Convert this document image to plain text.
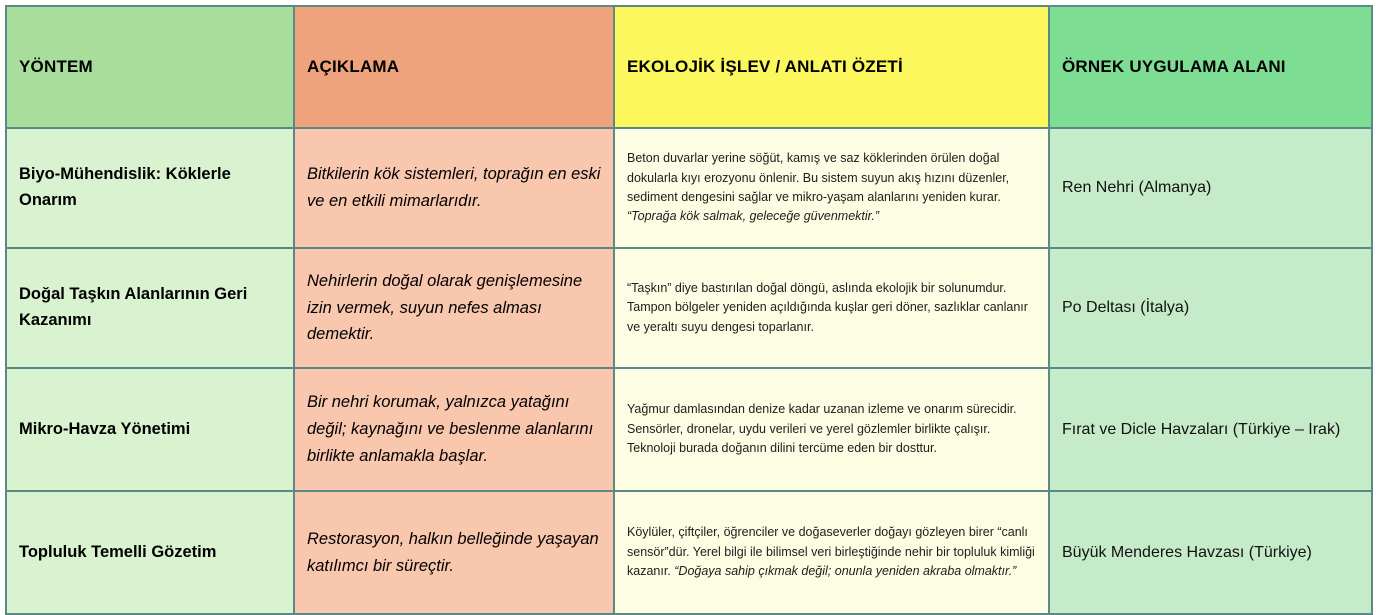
YÖNTEM	AÇIKLAMA	EKOLOJİK İŞLEV / ANLATI ÖZETİ	ÖRNEK UYGULAMA ALANI
Biyo-Mühendislik: Köklerle Onarım	Bitkilerin kök sistemleri, toprağın en eski ve en etkili mimarlarıdır.	Beton duvarlar yerine söğüt, kamış ve saz köklerinden örülen doğal dokularla kıyı erozyonu önlenir. Bu sistem suyun akış hızını düzenler, sediment dengesini sağlar ve mikro-yaşam alanlarını yeniden kurar. “Toprağa kök salmak, geleceğe güvenmektir.”	Ren Nehri (Almanya)
Doğal Taşkın Alanlarının Geri Kazanımı	Nehirlerin doğal olarak genişlemesine izin vermek, suyun nefes alması demektir.	“Taşkın” diye bastırılan doğal döngü, aslında ekolojik bir solunumdur. Tampon bölgeler yeniden açıldığında kuşlar geri döner, sazlıklar canlanır ve yeraltı suyu dengesi toparlanır.	Po Deltası (İtalya)
Mikro-Havza Yönetimi	Bir nehri korumak, yalnızca yatağını değil; kaynağını ve beslenme alanlarını birlikte anlamakla başlar.	Yağmur damlasından denize kadar uzanan izleme ve onarım sürecidir. Sensörler, dronelar, uydu verileri ve yerel gözlemler birlikte çalışır. Teknoloji burada doğanın dilini tercüme eden bir dosttur.	Fırat ve Dicle Havzaları (Türkiye – Irak)
Topluluk Temelli Gözetim	Restorasyon, halkın belleğinde yaşayan katılımcı bir süreçtir.	Köylüler, çiftçiler, öğrenciler ve doğaseverler doğayı gözleyen birer “canlı sensör”dür. Yerel bilgi ile bilimsel veri birleştiğinde nehir bir topluluk kimliği kazanır. “Doğaya sahip çıkmak değil; onunla yeniden akraba olmaktır.”	Büyük Menderes Havzası (Türkiye)
